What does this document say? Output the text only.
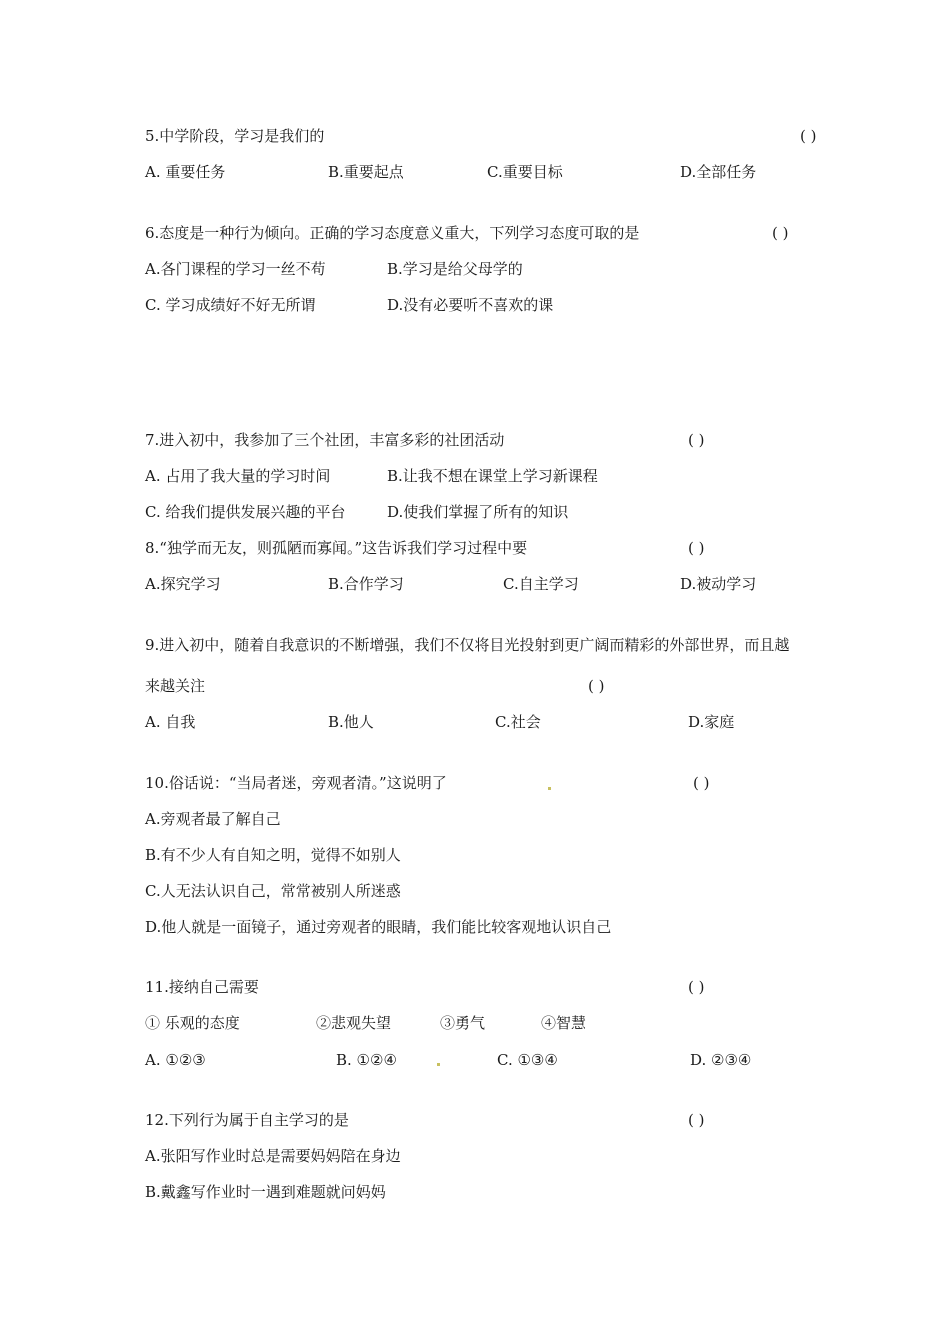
5.中学阶段，学习是我们的	( )
A. 重要任务	B.重要起点	C.重要目标	D.全部任务
6.态度是一种行为倾向。正确的学习态度意义重大，下列学习态度可取的是	( )
A.各门课程的学习一丝不苟	B.学习是给父母学的
C. 学习成绩好不好无所谓	D.没有必要听不喜欢的课
7.进入初中，我参加了三个社团，丰富多彩的社团活动	( )
A. 占用了我大量的学习时间	B.让我不想在课堂上学习新课程
C. 给我们提供发展兴趣的平台	D.使我们掌握了所有的知识
8.“独学而无友，则孤陋而寡闻。”这告诉我们学习过程中要	( )
A.探究学习	B.合作学习	C.自主学习	D.被动学习
9.进入初中，随着自我意识的不断增强，我们不仅将目光投射到更广阔而精彩的外部世界，而且越
来越关注	( )
A. 自我	B.他人	C.社会	D.家庭
10.俗话说：“当局者迷，旁观者清。”这说明了	( )
A.旁观者最了解自己
B.有不少人有自知之明，觉得不如别人
C.人无法认识自己，常常被别人所迷惑
D.他人就是一面镜子，通过旁观者的眼睛，我们能比较客观地认识自己
11.接纳自己需要	( )
① 乐观的态度	②悲观失望	③勇气	④智慧
A. ①②③	B. ①②④	C. ①③④	D. ②③④
12.下列行为属于自主学习的是	( )
A.张阳写作业时总是需要妈妈陪在身边
B.戴鑫写作业时一遇到难题就问妈妈
